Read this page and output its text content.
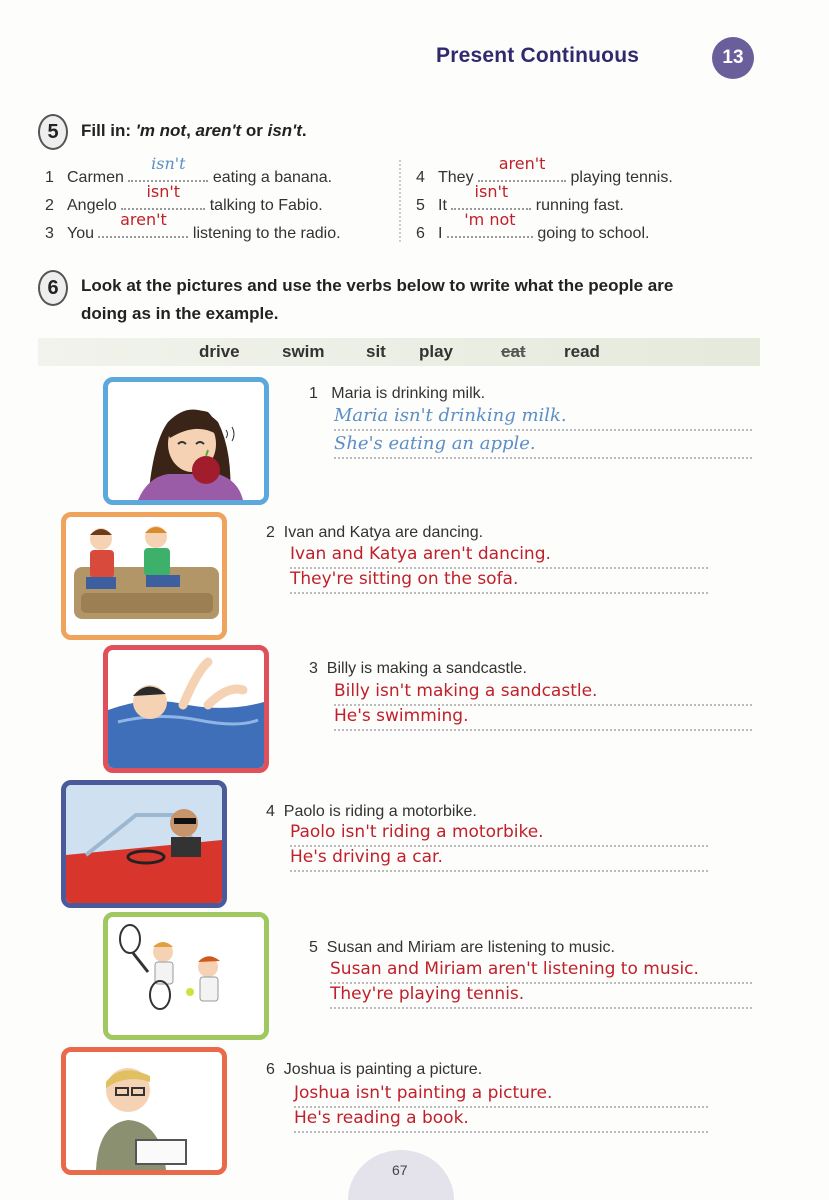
Present Continuous	13
5	Fill in: 'm not, aren't or isn't.
1 Carmen
isn't
eating a banana.
2 Angelo
isn't
talking to Fabio.
3 You
aren't
listening to the radio.
4 They
aren't
playing tennis.
5 It
isn't
running fast.
6 I
'm not
going to school.
6	Look at the pictures and use the verbs below to write what the people are
doing as in the example.
drive swim sit play	eat read
1 Maria is drinking milk.
Maria isn't drinking milk.
She's eating an apple.
2 Ivan and Katya are dancing.
Ivan and Katya aren't dancing.
They're sitting on the sofa.
3 Billy is making a sandcastle.
Billy isn't making a sandcastle.
He's swimming.
4 Paolo is riding a motorbike.
Paolo isn't riding a motorbike.
He's driving a car.
5 Susan and Miriam are listening to music.
Susan and Miriam aren't listening to music.
They're playing tennis.
6 Joshua is painting a picture.
Joshua isn't painting a picture.
He's reading a book.
67
